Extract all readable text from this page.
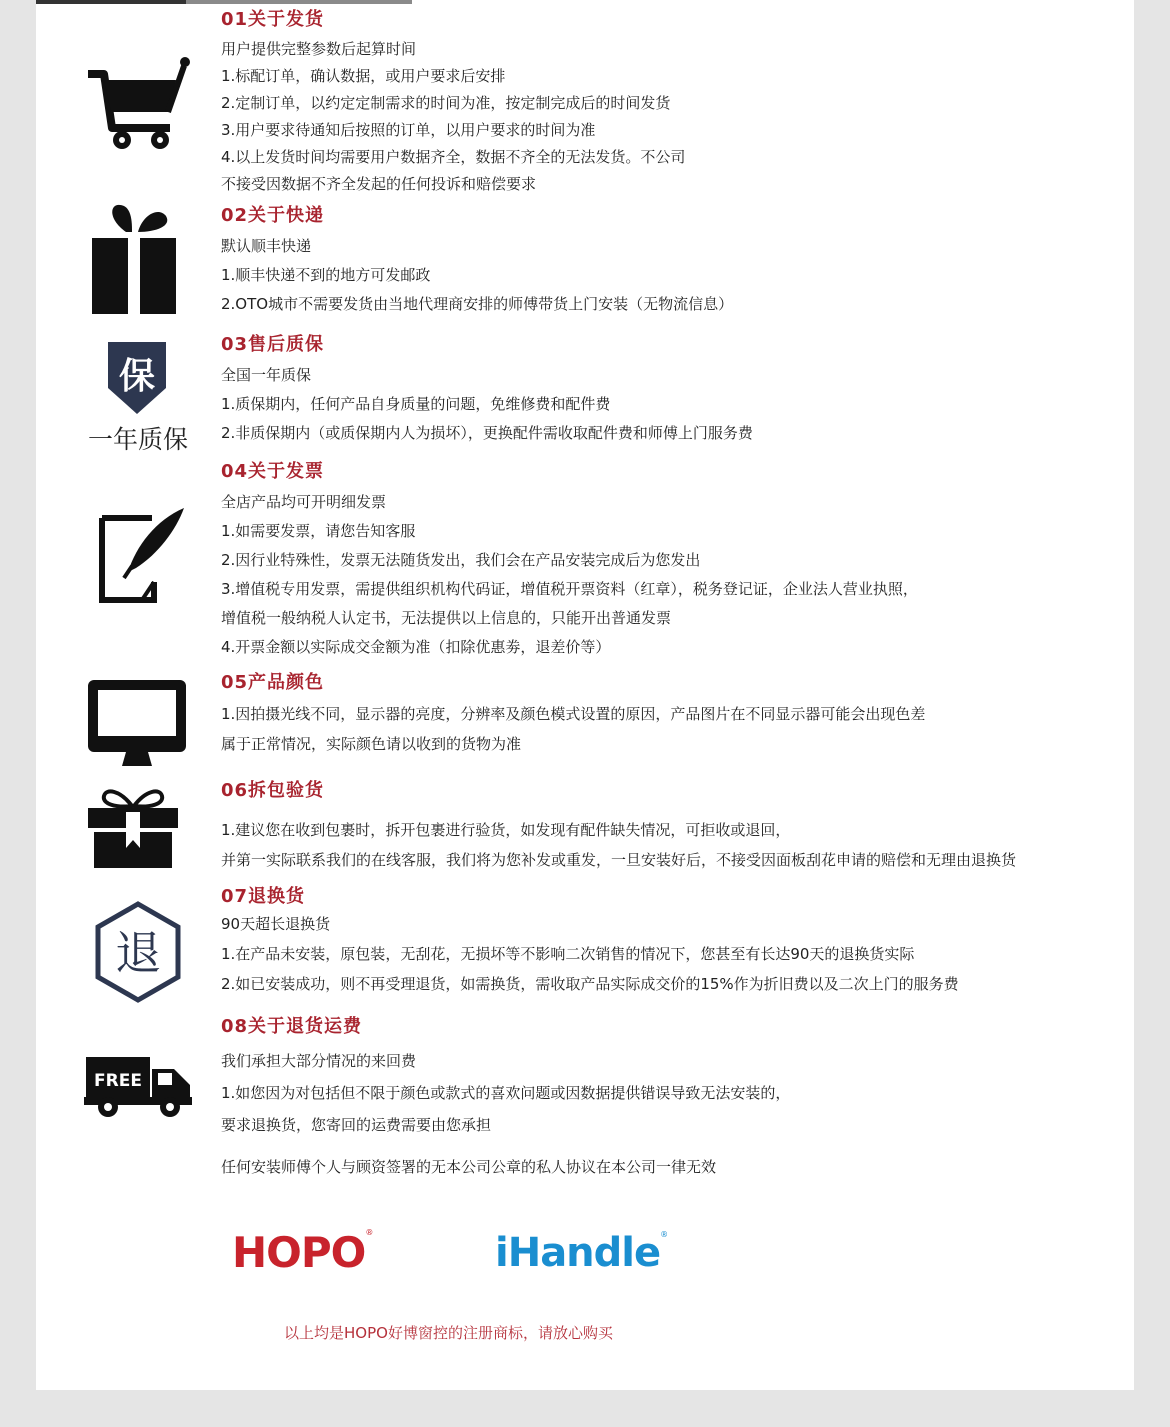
保
一年质保
退
FREE
01关于发货
用户提供完整参数后起算时间
1.标配订单，确认数据，或用户要求后安排
2.定制订单，以约定定制需求的时间为准，按定制完成后的时间发货
3.用户要求待通知后按照的订单，以用户要求的时间为准
4.以上发货时间均需要用户数据齐全，数据不齐全的无法发货。不公司
不接受因数据不齐全发起的任何投诉和赔偿要求
02关于快递
默认顺丰快递
1.顺丰快递不到的地方可发邮政
2.OTO城市不需要发货由当地代理商安排的师傅带货上门安装（无物流信息）
03售后质保
全国一年质保
1.质保期内，任何产品自身质量的问题，免维修费和配件费
2.非质保期内（或质保期内人为损坏），更换配件需收取配件费和师傅上门服务费
04关于发票
全店产品均可开明细发票
1.如需要发票，请您告知客服
2.因行业特殊性，发票无法随货发出，我们会在产品安装完成后为您发出
3.增值税专用发票，需提供组织机构代码证，增值税开票资料（红章），税务登记证，企业法人营业执照，
增值税一般纳税人认定书，无法提供以上信息的，只能开出普通发票
4.开票金额以实际成交金额为准（扣除优惠劵，退差价等）
05产品颜色
1.因拍摄光线不同，显示器的亮度，分辨率及颜色模式设置的原因，产品图片在不同显示器可能会出现色差
属于正常情况，实际颜色请以收到的货物为准
06拆包验货
1.建议您在收到包裹时，拆开包裹进行验货，如发现有配件缺失情况，可拒收或退回，
并第一实际联系我们的在线客服，我们将为您补发或重发，一旦安装好后，不接受因面板刮花申请的赔偿和无理由退换货
07退换货
90天超长退换货
1.在产品未安装，原包装，无刮花，无损坏等不影响二次销售的情况下，您甚至有长达90天的退换货实际
2.如已安装成功，则不再受理退货，如需换货，需收取产品实际成交价的15%作为折旧费以及二次上门的服务费
08关于退货运费
我们承担大部分情况的来回费
1.如您因为对包括但不限于颜色或款式的喜欢问题或因数据提供错误导致无法安装的，
要求退换货，您寄回的运费需要由您承担
任何安装师傅个人与顾资签署的无本公司公章的私人协议在本公司一律无效
HOPO®	iHandle®
以上均是HOPO好博窗控的注册商标，请放心购买
